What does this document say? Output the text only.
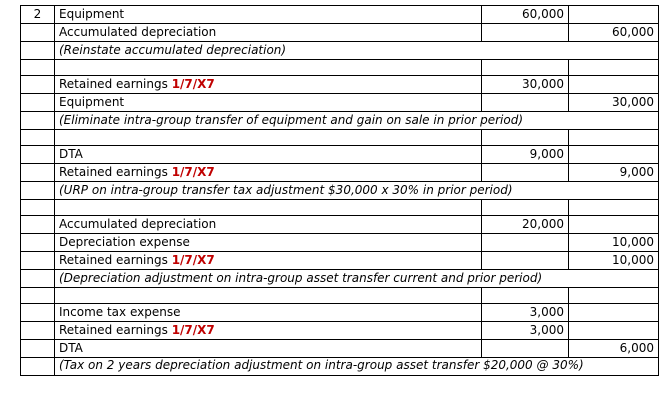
2	Equipment	60,000	
	Accumulated depreciation		60,000
	(Reinstate accumulated depreciation)		

	Retained earnings 1/7/X7	30,000	
	Equipment		30,000
	(Eliminate intra-group transfer of equipment and gain on sale in prior period)		

	DTA	9,000	
	Retained earnings 1/7/X7		9,000
	(URP on intra-group transfer tax adjustment $30,000 x 30% in prior period)		

	Accumulated depreciation	20,000	
	Depreciation expense		10,000
	Retained earnings 1/7/X7		10,000
	(Depreciation adjustment on intra-group asset transfer current and prior period)		

	Income tax expense	3,000	
	Retained earnings 1/7/X7	3,000	
	DTA		6,000
	(Tax on 2 years depreciation adjustment on intra-group asset transfer $20,000 @ 30%)		
